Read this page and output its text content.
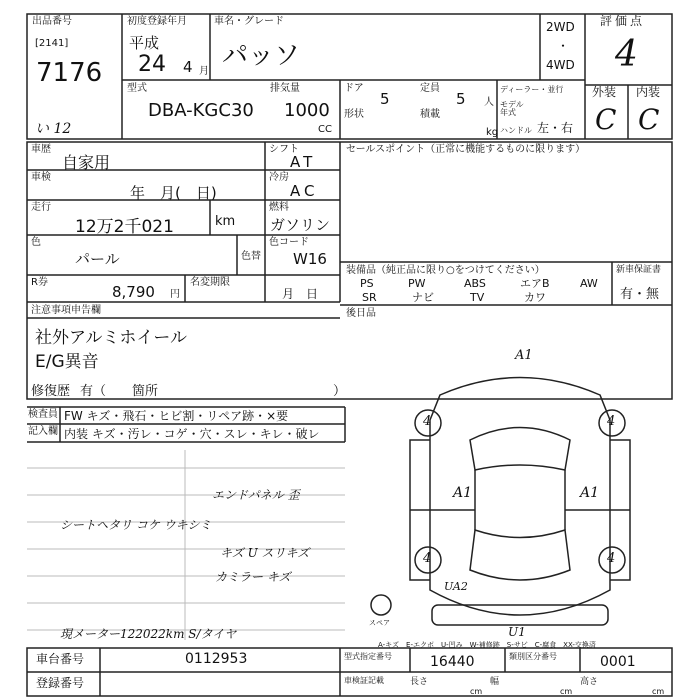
出品番号
[2141]
7176
い 12
初度登録年月
平成
24 4 月
車名・グレード
パッソ
2WD
・
4WD
評価点
4
型式
DBA-KGC30
排気量
1000
CC
ドア
5
定員
5 人
形状	積載
kg
ディーラー・並行
モデル年式
ハンドル 左・右
外装 内装
C C
車歴
自家用
車検
年　月(　日)
走行
12万2千021	km
色
パール	色替
R券
8,790 円
名変期限
月　日
シフト
AT
冷房
AC
燃料
ガソリン
色コード
W16
セールスポイント（正常に機能するものに限ります）
装備品（純正品に限り○をつけてください）
PS	PW	ABS	エアB	AW
SR	ナビ	TV	カワ
新車保証書
有・無
後日品
注意事項申告欄
社外アルミホイール
E/G異音
修復歴 有（　　箇所	）
検査員
記入欄
FW キズ・飛石・ヒビ割・リペア跡・×要
内装 キズ・汚レ・コゲ・穴・スレ・キレ・破レ
エンドパネル 歪
シートヘタリ コケ ウキシミ
キズ U スリキズ
カミラー キズ
現メーター122022km S/タイヤ
A1
A1	A1
4	4
4	4
UA2
U1
スペア
A-キズ　E-エクボ　U-凹み　W-補修跡　S-サビ　C-腐食　XX-交換済
車台番号	0112953
登録番号
型式指定番号	16440	類別区分番号	0001
車検証記載	長さ
cm
幅
cm
高さ
cm
